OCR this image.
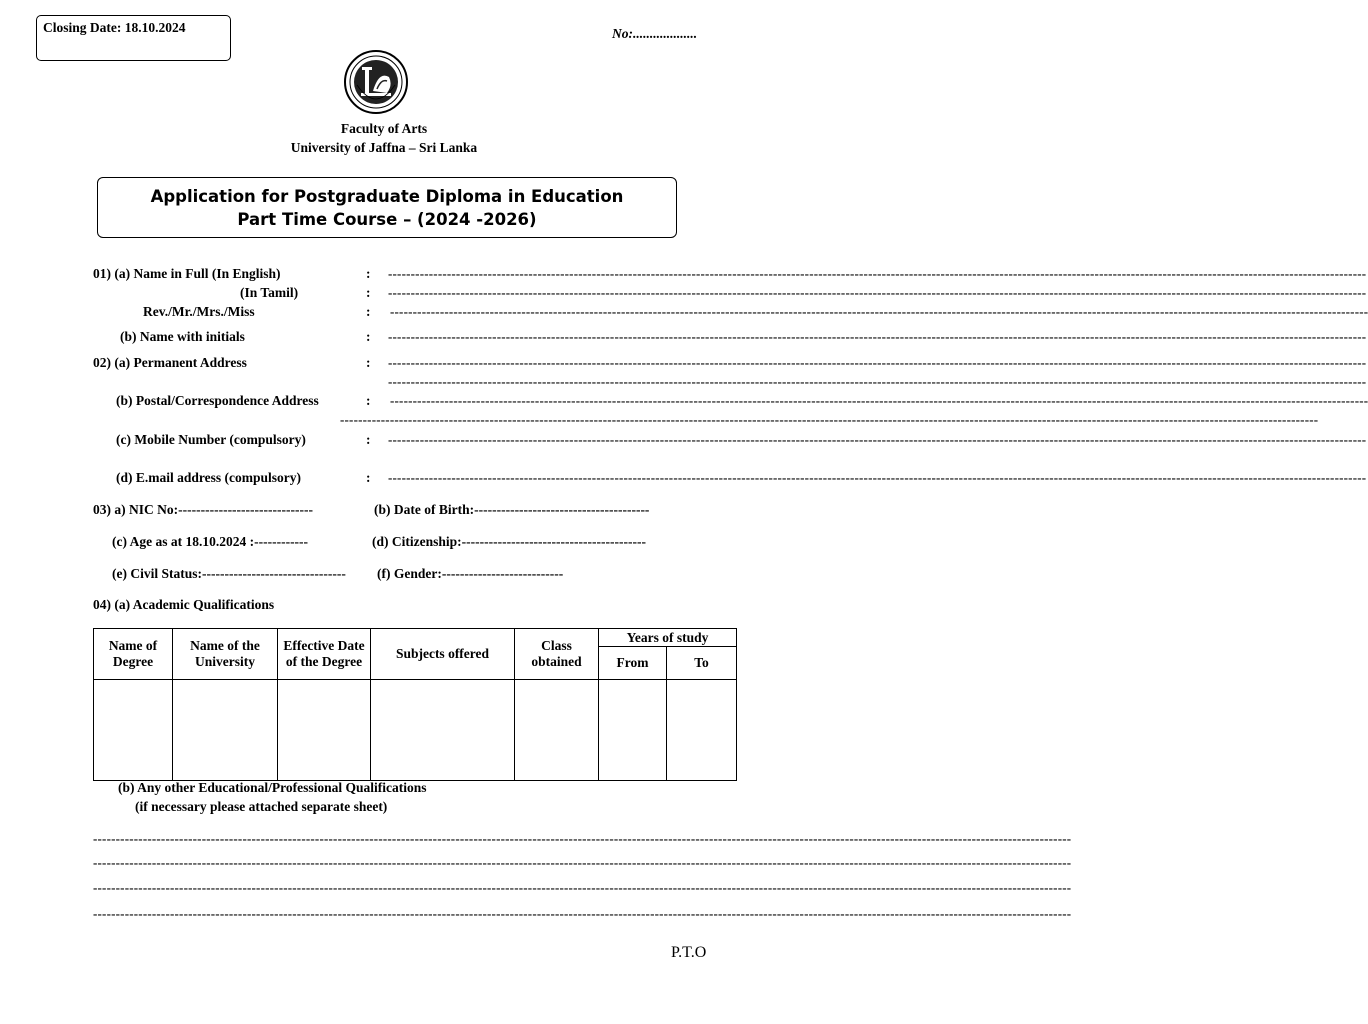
Closing Date: 18.10.2024	No:...................
Faculty of Arts
University of Jaffna – Sri Lanka
Application for Postgraduate Diploma in Education
Part Time Course – (2024 -2026)
01) (a) Name in Full (In English)	: ------------------------------------------------------------------------------------------------------------------------------------------------------------------------------------------------------------------------
(In Tamil)	: ------------------------------------------------------------------------------------------------------------------------------------------------------------------------------------------------------------------------
Rev./Mr./Mrs./Miss	: ------------------------------------------------------------------------------------------------------------------------------------------------------------------------------------------------------------------------
(b) Name with initials	: ------------------------------------------------------------------------------------------------------------------------------------------------------------------------------------------------------------------------
02) (a) Permanent Address	: ------------------------------------------------------------------------------------------------------------------------------------------------------------------------------------------------------------------------
------------------------------------------------------------------------------------------------------------------------------------------------------------------------------------------------------------------------
(b) Postal/Correspondence Address	: ------------------------------------------------------------------------------------------------------------------------------------------------------------------------------------------------------------------------
------------------------------------------------------------------------------------------------------------------------------------------------------------------------------------------------------------------------
(c) Mobile Number (compulsory)	: ------------------------------------------------------------------------------------------------------------------------------------------------------------------------------------------------------------------------
(d) E.mail address (compulsory)	: ------------------------------------------------------------------------------------------------------------------------------------------------------------------------------------------------------------------------
03) a) NIC No:------------------------------	(b) Date of Birth:---------------------------------------
(c) Age as at 18.10.2024 :------------	(d) Citizenship:-----------------------------------------
(e) Civil Status:-------------------------------- (f) Gender:---------------------------
04) (a) Academic Qualifications
Name of Degree	Name of the University	Effective Date of the Degree	Subjects offered	Class obtained	Years of study	
					From	To

(b) Any other Educational/Professional Qualifications
(if necessary please attached separate sheet)
------------------------------------------------------------------------------------------------------------------------------------------------------------------------------------------------------------------------
------------------------------------------------------------------------------------------------------------------------------------------------------------------------------------------------------------------------
------------------------------------------------------------------------------------------------------------------------------------------------------------------------------------------------------------------------
------------------------------------------------------------------------------------------------------------------------------------------------------------------------------------------------------------------------
P.T.O
